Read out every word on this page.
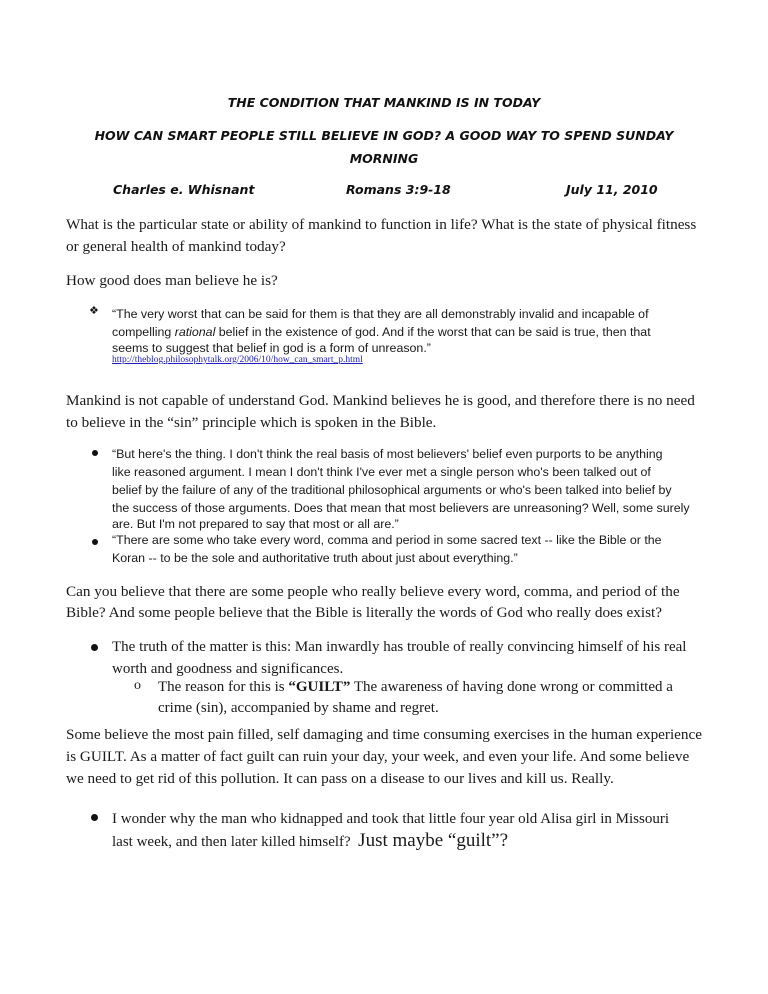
THE CONDITION THAT MANKIND IS IN TODAY
HOW CAN SMART PEOPLE STILL BELIEVE IN GOD? A GOOD WAY TO SPEND SUNDAY
MORNING
Charles e. Whisnant	Romans 3:9-18	July 11, 2010
What is the particular state or ability of mankind to function in life? What is the state of physical fitness
or general health of mankind today?
How good does man believe he is?
❖ “The very worst that can be said for them is that they are all demonstrably invalid and incapable of
compelling rational belief in the existence of god. And if the worst that can be said is true, then that
seems to suggest that belief in god is a form of unreason.”
http://theblog.philosophytalk.org/2006/10/how_can_smart_p.html
Mankind is not capable of understand God. Mankind believes he is good, and therefore there is no need
to believe in the “sin” principle which is spoken in the Bible.
“But here's the thing. I don't think the real basis of most believers' belief even purports to be anything
like reasoned argument. I mean I don't think I've ever met a single person who's been talked out of
belief by the failure of any of the traditional philosophical arguments or who's been talked into belief by
the success of those arguments. Does that mean that most believers are unreasoning? Well, some surely
are. But I'm not prepared to say that most or all are.”
“There are some who take every word, comma and period in some sacred text -- like the Bible or the
Koran -- to be the sole and authoritative truth about just about everything.”
Can you believe that there are some people who really believe every word, comma, and period of the
Bible? And some people believe that the Bible is literally the words of God who really does exist?
The truth of the matter is this: Man inwardly has trouble of really convincing himself of his real
worth and goodness and significances.
o The reason for this is “GUILT” The awareness of having done wrong or committed a
crime (sin), accompanied by shame and regret.
Some believe the most pain filled, self damaging and time consuming exercises in the human experience
is GUILT. As a matter of fact guilt can ruin your day, your week, and even your life. And some believe
we need to get rid of this pollution. It can pass on a disease to our lives and kill us. Really.
I wonder why the man who kidnapped and took that little four year old Alisa girl in Missouri
last week, and then later killed himself? Just maybe “guilt”?
